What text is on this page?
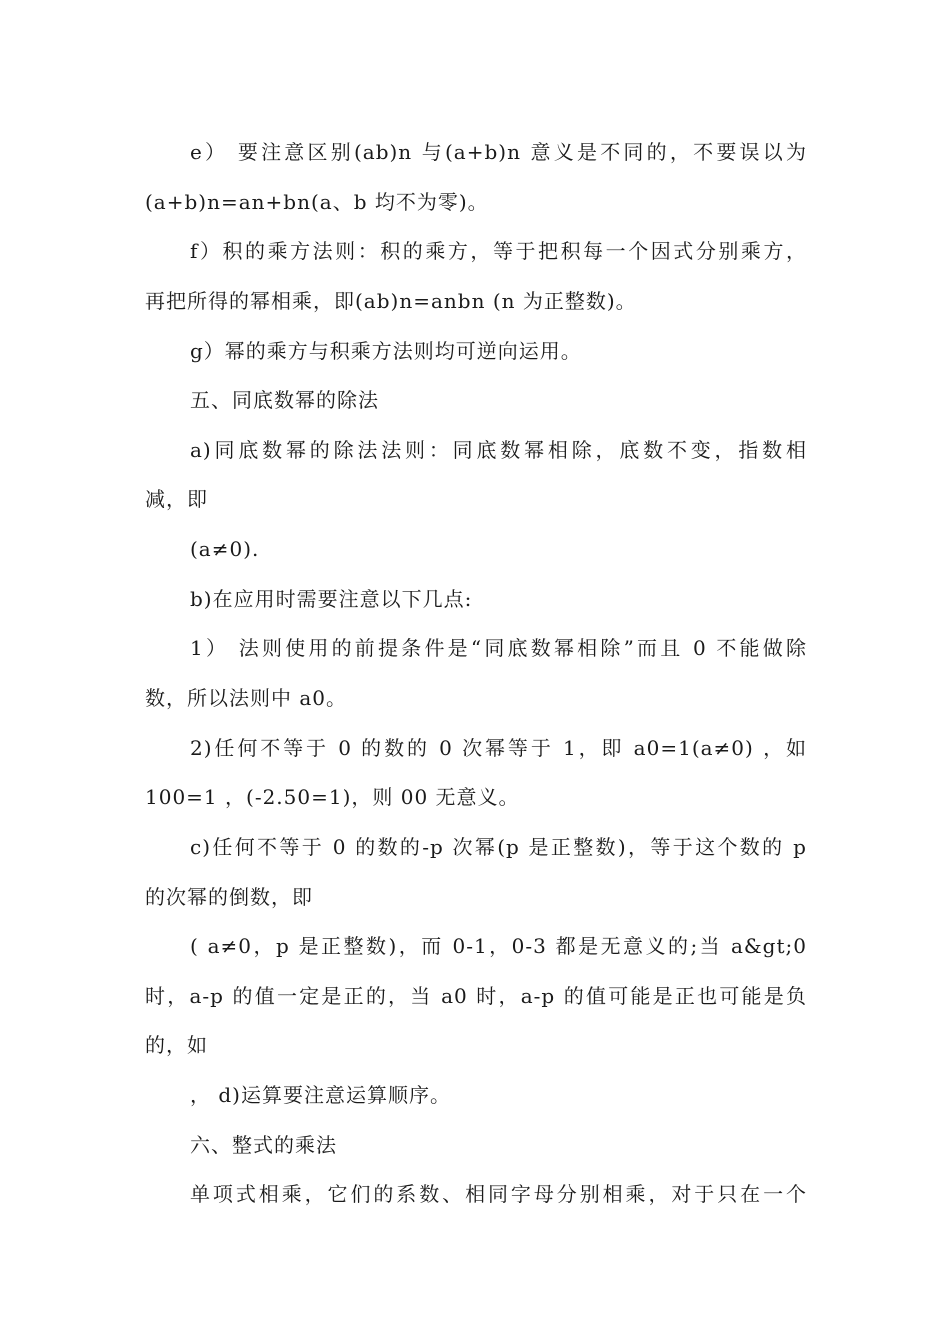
e） 要注意区别(ab)n 与(a+b)n 意义是不同的，不要误以为
(a+b)n=an+bn(a、b 均不为零)。
f）积的乘方法则：积的乘方，等于把积每一个因式分别乘方，
再把所得的幂相乘，即(ab)n=anbn (n 为正整数)。
g）幂的乘方与积乘方法则均可逆向运用。
五、同底数幂的除法
a)同底数幂的除法法则：同底数幂相除，底数不变，指数相
减，即
(a≠0).
b)在应用时需要注意以下几点:
1） 法则使用的前提条件是“同底数幂相除”而且 0 不能做除
数，所以法则中 a0。
2)任何不等于 0 的数的 0 次幂等于 1，即 a0=1(a≠0) ，如
100=1 ，(-2.50=1)，则 00 无意义。
c)任何不等于 0 的数的-p 次幂(p 是正整数)，等于这个数的 p
的次幂的倒数，即
( a≠0，p 是正整数)，而 0-1，0-3 都是无意义的;当 a&gt;0
时，a-p 的值一定是正的，当 a0 时，a-p 的值可能是正也可能是负
的，如
， d)运算要注意运算顺序。
六、整式的乘法
单项式相乘，它们的系数、相同字母分别相乘，对于只在一个
